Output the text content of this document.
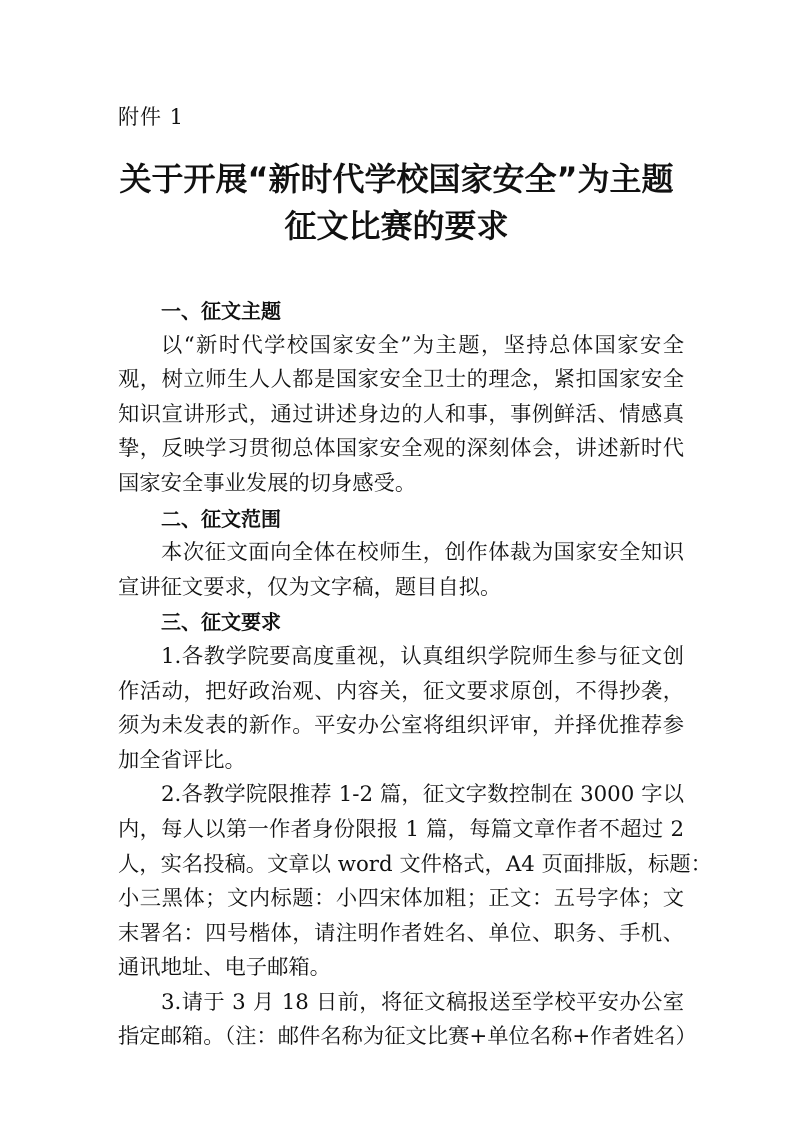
附件 1
关于开展“新时代学校国家安全”为主题
征文比赛的要求
一、征文主题
以“新时代学校国家安全”为主题，坚持总体国家安全
观，树立师生人人都是国家安全卫士的理念，紧扣国家安全
知识宣讲形式，通过讲述身边的人和事，事例鲜活、情感真
挚，反映学习贯彻总体国家安全观的深刻体会，讲述新时代
国家安全事业发展的切身感受。
二、征文范围
本次征文面向全体在校师生，创作体裁为国家安全知识
宣讲征文要求，仅为文字稿，题目自拟。
三、征文要求
1.各教学院要高度重视，认真组织学院师生参与征文创
作活动，把好政治观、内容关，征文要求原创，不得抄袭，
须为未发表的新作。平安办公室将组织评审，并择优推荐参
加全省评比。
2.各教学院限推荐 1-2 篇，征文字数控制在 3000 字以
内，每人以第一作者身份限报 1 篇，每篇文章作者不超过 2
人，实名投稿。文章以 word 文件格式，A4 页面排版，标题：
小三黑体；文内标题：小四宋体加粗；正文：五号字体；文
末署名：四号楷体，请注明作者姓名、单位、职务、手机、
通讯地址、电子邮箱。
3.请于 3 月 18 日前，将征文稿报送至学校平安办公室
指定邮箱。（注：邮件名称为征文比赛+单位名称+作者姓名）
